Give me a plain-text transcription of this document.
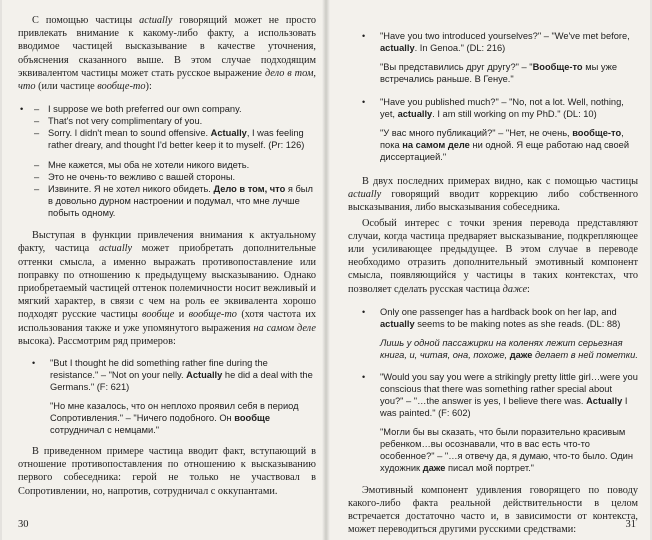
С помощью частицы actually говорящий может не просто привлекать внимание к какому-либо факту, а использовать вводимое частицей высказывание в качестве уточнения, объяснения сказанного выше. В этом случае подходящим эквивалентом частицы может стать русское выражение дело в том, что (или частице вообще-то):

• – I suppose we both preferred our own company.
– That's not very complimentary of you.
– Sorry. I didn't mean to sound offensive. Actually, I was feeling rather dreary, and thought I'd better keep it to myself. (Pr: 126)
– Мне кажется, мы оба не хотели никого видеть.
– Это не очень-то вежливо с вашей стороны.
– Извините. Я не хотел никого обидеть. Дело в том, что я был в довольно дурном настроении и подумал, что мне лучше побыть одному.

Выступая в функции привлечения внимания к актуальному факту, частица actually может приобретать дополнительные оттенки смысла, а именно выражать противопоставление или поправку по отношению к предыдущему высказыванию. Однако приобретаемый частицей оттенок полемичности носит вежливый и мягкий характер, в связи с чем на роль ее эквивалента хорошо подходят русские частицы вообще и вообще-то (хотя частота их использования также и уже упомянутого выражения на самом деле высока). Рассмотрим ряд примеров:

• "But I thought he did something rather fine during the resistance." – "Not on your nelly. Actually he did a deal with the Germans." (F: 621)
"Но мне казалось, что он неплохо проявил себя в период Сопротивления." – "Ничего подобного. Он вообще сотрудничал с немцами."

В приведенном примере частица вводит факт, вступающий в отношение противопоставления по отношению к высказыванию первого собеседника: герой не только не участвовал в Сопротивлении, но, напротив, сотрудничал с оккупантами.

30
• "Have you two introduced yourselves?" – "We've met before, actually. In Genoa." (DL: 216)
"Вы представились друг другу?" – "Вообще-то мы уже встречались раньше. В Генуе."
• "Have you published much?" – "No, not a lot. Well, nothing, yet, actually. I am still working on my PhD." (DL: 10)
"У вас много публикаций?" – "Нет, не очень, вообще-то, пока на самом деле ни одной. Я еще работаю над своей диссертацией."

В двух последних примерах видно, как с помощью частицы actually говорящий вводит коррекцию либо собственного высказывания, либо высказывания собеседника.

Особый интерес с точки зрения перевода представляют случаи, когда частица предваряет высказывание, подкрепляющее или усиливающее предыдущее. В этом случае в переводе необходимо отразить дополнительный эмотивный компонент смысла, появляющийся у частицы в таких контекстах, что позволяет сделать русская частица даже:

• Only one passenger has a hardback book on her lap, and actually seems to be making notes as she reads. (DL: 88)
Лишь у одной пассажирки на коленях лежит серьезная книга, и, читая, она, похоже, даже делает в ней пометки.
• "Would you say you were a strikingly pretty little girl…were you conscious that there was something rather special about you?" – "…the answer is yes, I believe there was. Actually I was painted." (F: 602)
"Могли бы вы сказать, что были поразительно красивым ребенком…вы осознавали, что в вас есть что-то особенное?" – "…я отвечу да, я думаю, что-то было. Один художник даже писал мой портрет."

Эмотивный компонент удивления говорящего по поводу какого-либо факта реальной действительности в целом встречается достаточно часто и, в зависимости от контекста, может переводиться другими русскими средствами:	31
